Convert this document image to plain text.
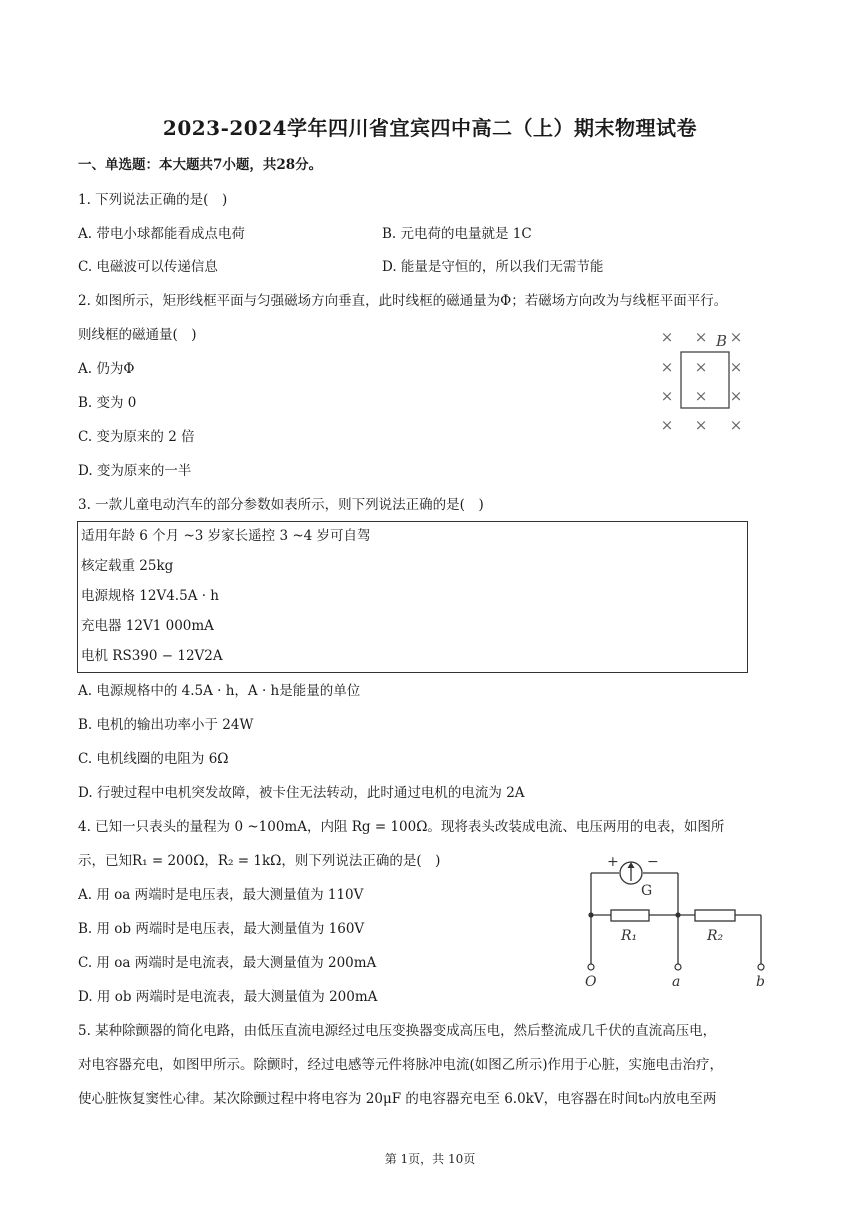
2023-2024学年四川省宜宾四中高二（上）期末物理试卷
一、单选题：本大题共7小题，共28分。
1. 下列说法正确的是(　)
A. 带电小球都能看成点电荷	B. 元电荷的电量就是 1C
C. 电磁波可以传递信息	D. 能量是守恒的，所以我们无需节能
2. 如图所示，矩形线框平面与匀强磁场方向垂直，此时线框的磁通量为Φ；若磁场方向改为与线框平面平行。
则线框的磁通量(　)
A. 仍为Φ
B. 变为 0
C. 变为原来的 2 倍
D. 变为原来的一半
× × ×
× × ×
× × ×
× × ×
B
3. 一款儿童电动汽车的部分参数如表所示，则下列说法正确的是(　)
适用年龄 6 个月 ~3 岁家长遥控 3 ~4 岁可自驾
核定载重 25kg
电源规格 12V4.5A · h
充电器 12V1 000mA
电机 RS390 − 12V2A
A. 电源规格中的 4.5A · h，A · h是能量的单位
B. 电机的输出功率小于 24W
C. 电机线圈的电阻为 6Ω
D. 行驶过程中电机突发故障，被卡住无法转动，此时通过电机的电流为 2A
4. 已知一只表头的量程为 0 ~100mA，内阻 Rg = 100Ω。现将表头改装成电流、电压两用的电表，如图所
示，已知R₁ = 200Ω，R₂ = 1kΩ，则下列说法正确的是(　)
A. 用 oa 两端时是电压表，最大测量值为 110V
B. 用 ob 两端时是电压表，最大测量值为 160V
C. 用 oa 两端时是电流表，最大测量值为 200mA
D. 用 ob 两端时是电流表，最大测量值为 200mA
+ −
G
R₁	R₂
O	a	b
5. 某种除颤器的简化电路，由低压直流电源经过电压变换器变成高压电，然后整流成几千伏的直流高压电，
对电容器充电，如图甲所示。除颤时，经过电感等元件将脉冲电流(如图乙所示)作用于心脏，实施电击治疗，
使心脏恢复窦性心律。某次除颤过程中将电容为 20μF 的电容器充电至 6.0kV，电容器在时间t₀内放电至两
第 1页，共 10页
